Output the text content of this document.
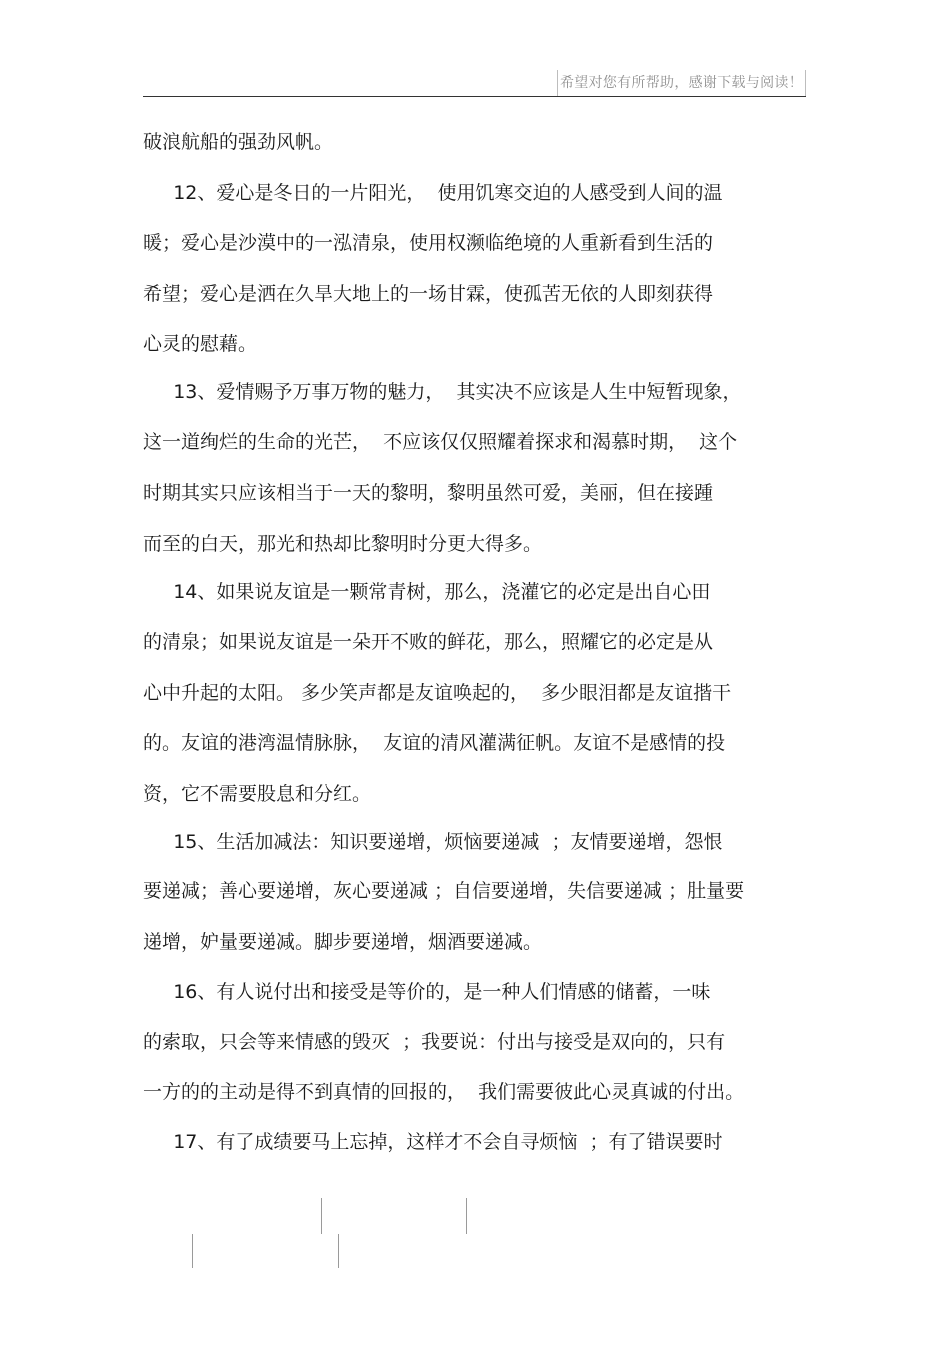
希望对您有所帮助，感谢下载与阅读！
破浪航船的强劲风帆。
12、爱心是冬日的一片阳光，  使用饥寒交迫的人感受到人间的温
暖；爱心是沙漠中的一泓清泉，使用权濒临绝境的人重新看到生活的
希望；爱心是洒在久旱大地上的一场甘霖，使孤苦无依的人即刻获得
心灵的慰藉。
13、爱情赐予万事万物的魅力，  其实决不应该是人生中短暂现象，
这一道绚烂的生命的光芒，  不应该仅仅照耀着探求和渴慕时期，  这个
时期其实只应该相当于一天的黎明，黎明虽然可爱，美丽，但在接踵
而至的白天，那光和热却比黎明时分更大得多。
14、如果说友谊是一颗常青树，那么，浇灌它的必定是出自心田
的清泉；如果说友谊是一朵开不败的鲜花，那么，照耀它的必定是从
心中升起的太阳。 多少笑声都是友谊唤起的，  多少眼泪都是友谊揩干
的。友谊的港湾温情脉脉，  友谊的清风灌满征帆。友谊不是感情的投
资，它不需要股息和分红。
15、生活加减法：知识要递增，烦恼要递减  ；友情要递增，怨恨
要递减；善心要递增，灰心要递减 ；自信要递增，失信要递减 ；肚量要
递增，妒量要递减。脚步要递增，烟酒要递减。
16、有人说付出和接受是等价的，是一种人们情感的储蓄，一味
的索取，只会等来情感的毁灭  ；我要说：付出与接受是双向的，只有
一方的的主动是得不到真情的回报的，  我们需要彼此心灵真诚的付出。
17、有了成绩要马上忘掉，这样才不会自寻烦恼  ；有了错误要时
